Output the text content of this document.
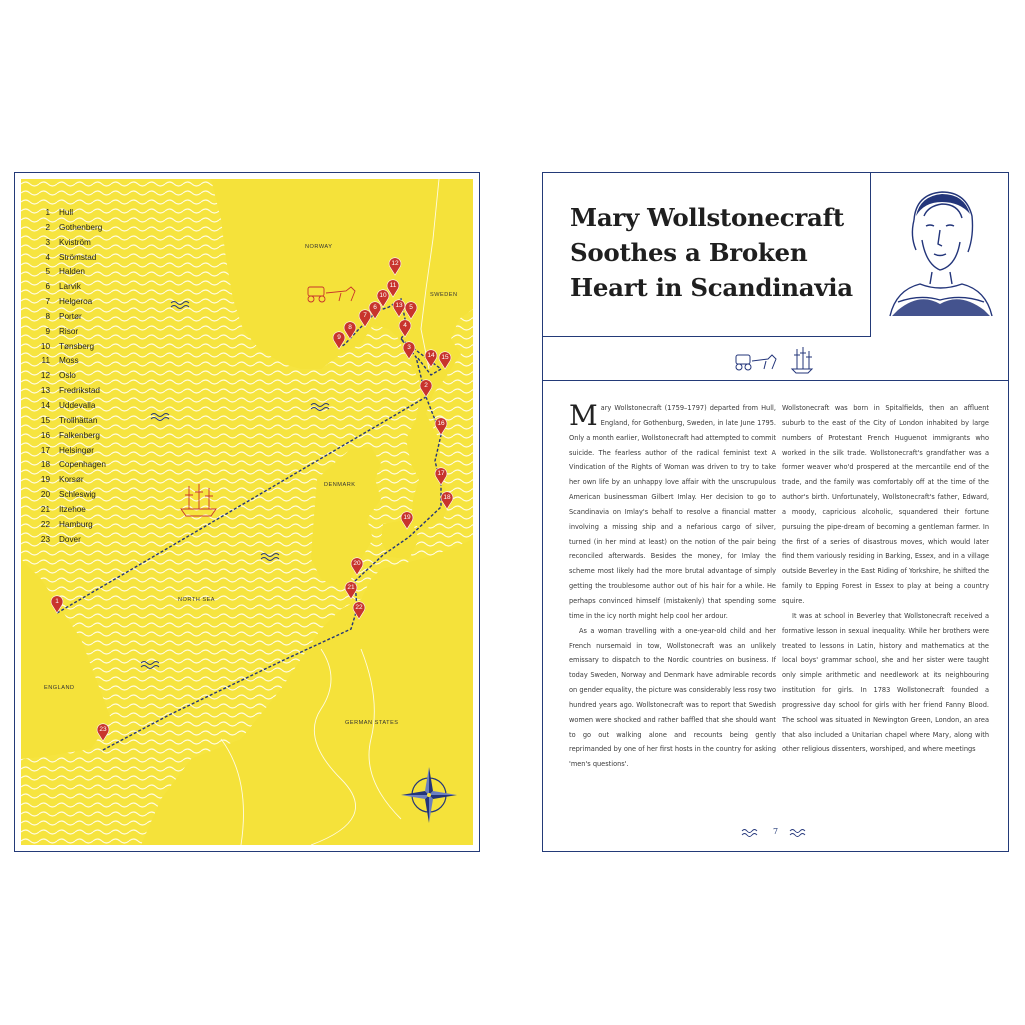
1
2
3
4
5
6
7
8
9
10
11
12
13
14 15
16
17
18
19
20
21
22
23
1 Hull
2 Gothenberg
3 Kviström
4 Strömstad
5 Halden
6 Larvik
7 Helgeroa
8 Portør
9 Risor
10 Tønsberg
11 Moss
12 Oslo
13 Fredrikstad
14 Uddevalla
15 Trollhättan
16 Falkenberg
17 Helsingør
18 Copenhagen
19 Korsør
20 Schleswig
21 Itzehoe
22 Hamburg
23 Dover
NORWAY
SWEDEN
DENMARK
NORTH SEA
ENGLAND
GERMAN STATES
Mary Wollstonecraft
Soothes a Broken
Heart in Scandinavia

Mary Wollstonecraft (1759–1797) departed from Hull, England, for Gothenburg, Sweden, in late June 1795. Only a month earlier, Wollstonecraft had attempted to commit suicide. The fearless author of the radical feminist text A Vindication of the Rights of Woman was driven to try to take her own life by an unhappy love affair with the unscrupulous American businessman Gilbert Imlay. Her decision to go to Scandinavia on Imlay's behalf to resolve a financial matter involving a missing ship and a nefarious cargo of silver, turned (in her mind at least) on the notion of the pair being reconciled afterwards. Besides the money, for Imlay the scheme most likely had the more brutal advantage of simply getting the troublesome author out of his hair for a while. He perhaps convinced himself (mistakenly) that spending some time in the icy north might help cool her ardour.

As a woman travelling with a one-year-old child and her French nursemaid in tow, Wollstonecraft was an unlikely emissary to dispatch to the Nordic countries on business. If today Sweden, Norway and Denmark have admirable records on gender equality, the picture was considerably less rosy two hundred years ago. Wollstonecraft was to report that Swedish women were shocked and rather baffled that she should want to go out walking alone and recounts being gently reprimanded by one of her first hosts in the country for asking 'men's questions'.

Wollstonecraft was born in Spitalfields, then an affluent suburb to the east of the City of London inhabited by large numbers of Protestant French Huguenot immigrants who worked in the silk trade. Wollstonecraft's grandfather was a former weaver who'd prospered at the mercantile end of the trade, and the family was comfortably off at the time of the author's birth. Unfortunately, Wollstonecraft's father, Edward, a moody, capricious alcoholic, squandered their fortune pursuing the pipe-dream of becoming a gentleman farmer. In the first of a series of disastrous moves, which would later find them variously residing in Barking, Essex, and in a village outside Beverley in the East Riding of Yorkshire, he shifted the family to Epping Forest in Essex to play at being a country squire.

It was at school in Beverley that Wollstonecraft received a formative lesson in sexual inequality. While her brothers were treated to lessons in Latin, history and mathematics at the local boys' grammar school, she and her sister were taught only simple arithmetic and needlework at its neighbouring institution for girls. In 1783 Wollstonecraft founded a progressive day school for girls with her friend Fanny Blood. The school was situated in Newington Green, London, an area that also included a Unitarian chapel where Mary, along with other religious dissenters, worshiped, and where meetings

7
